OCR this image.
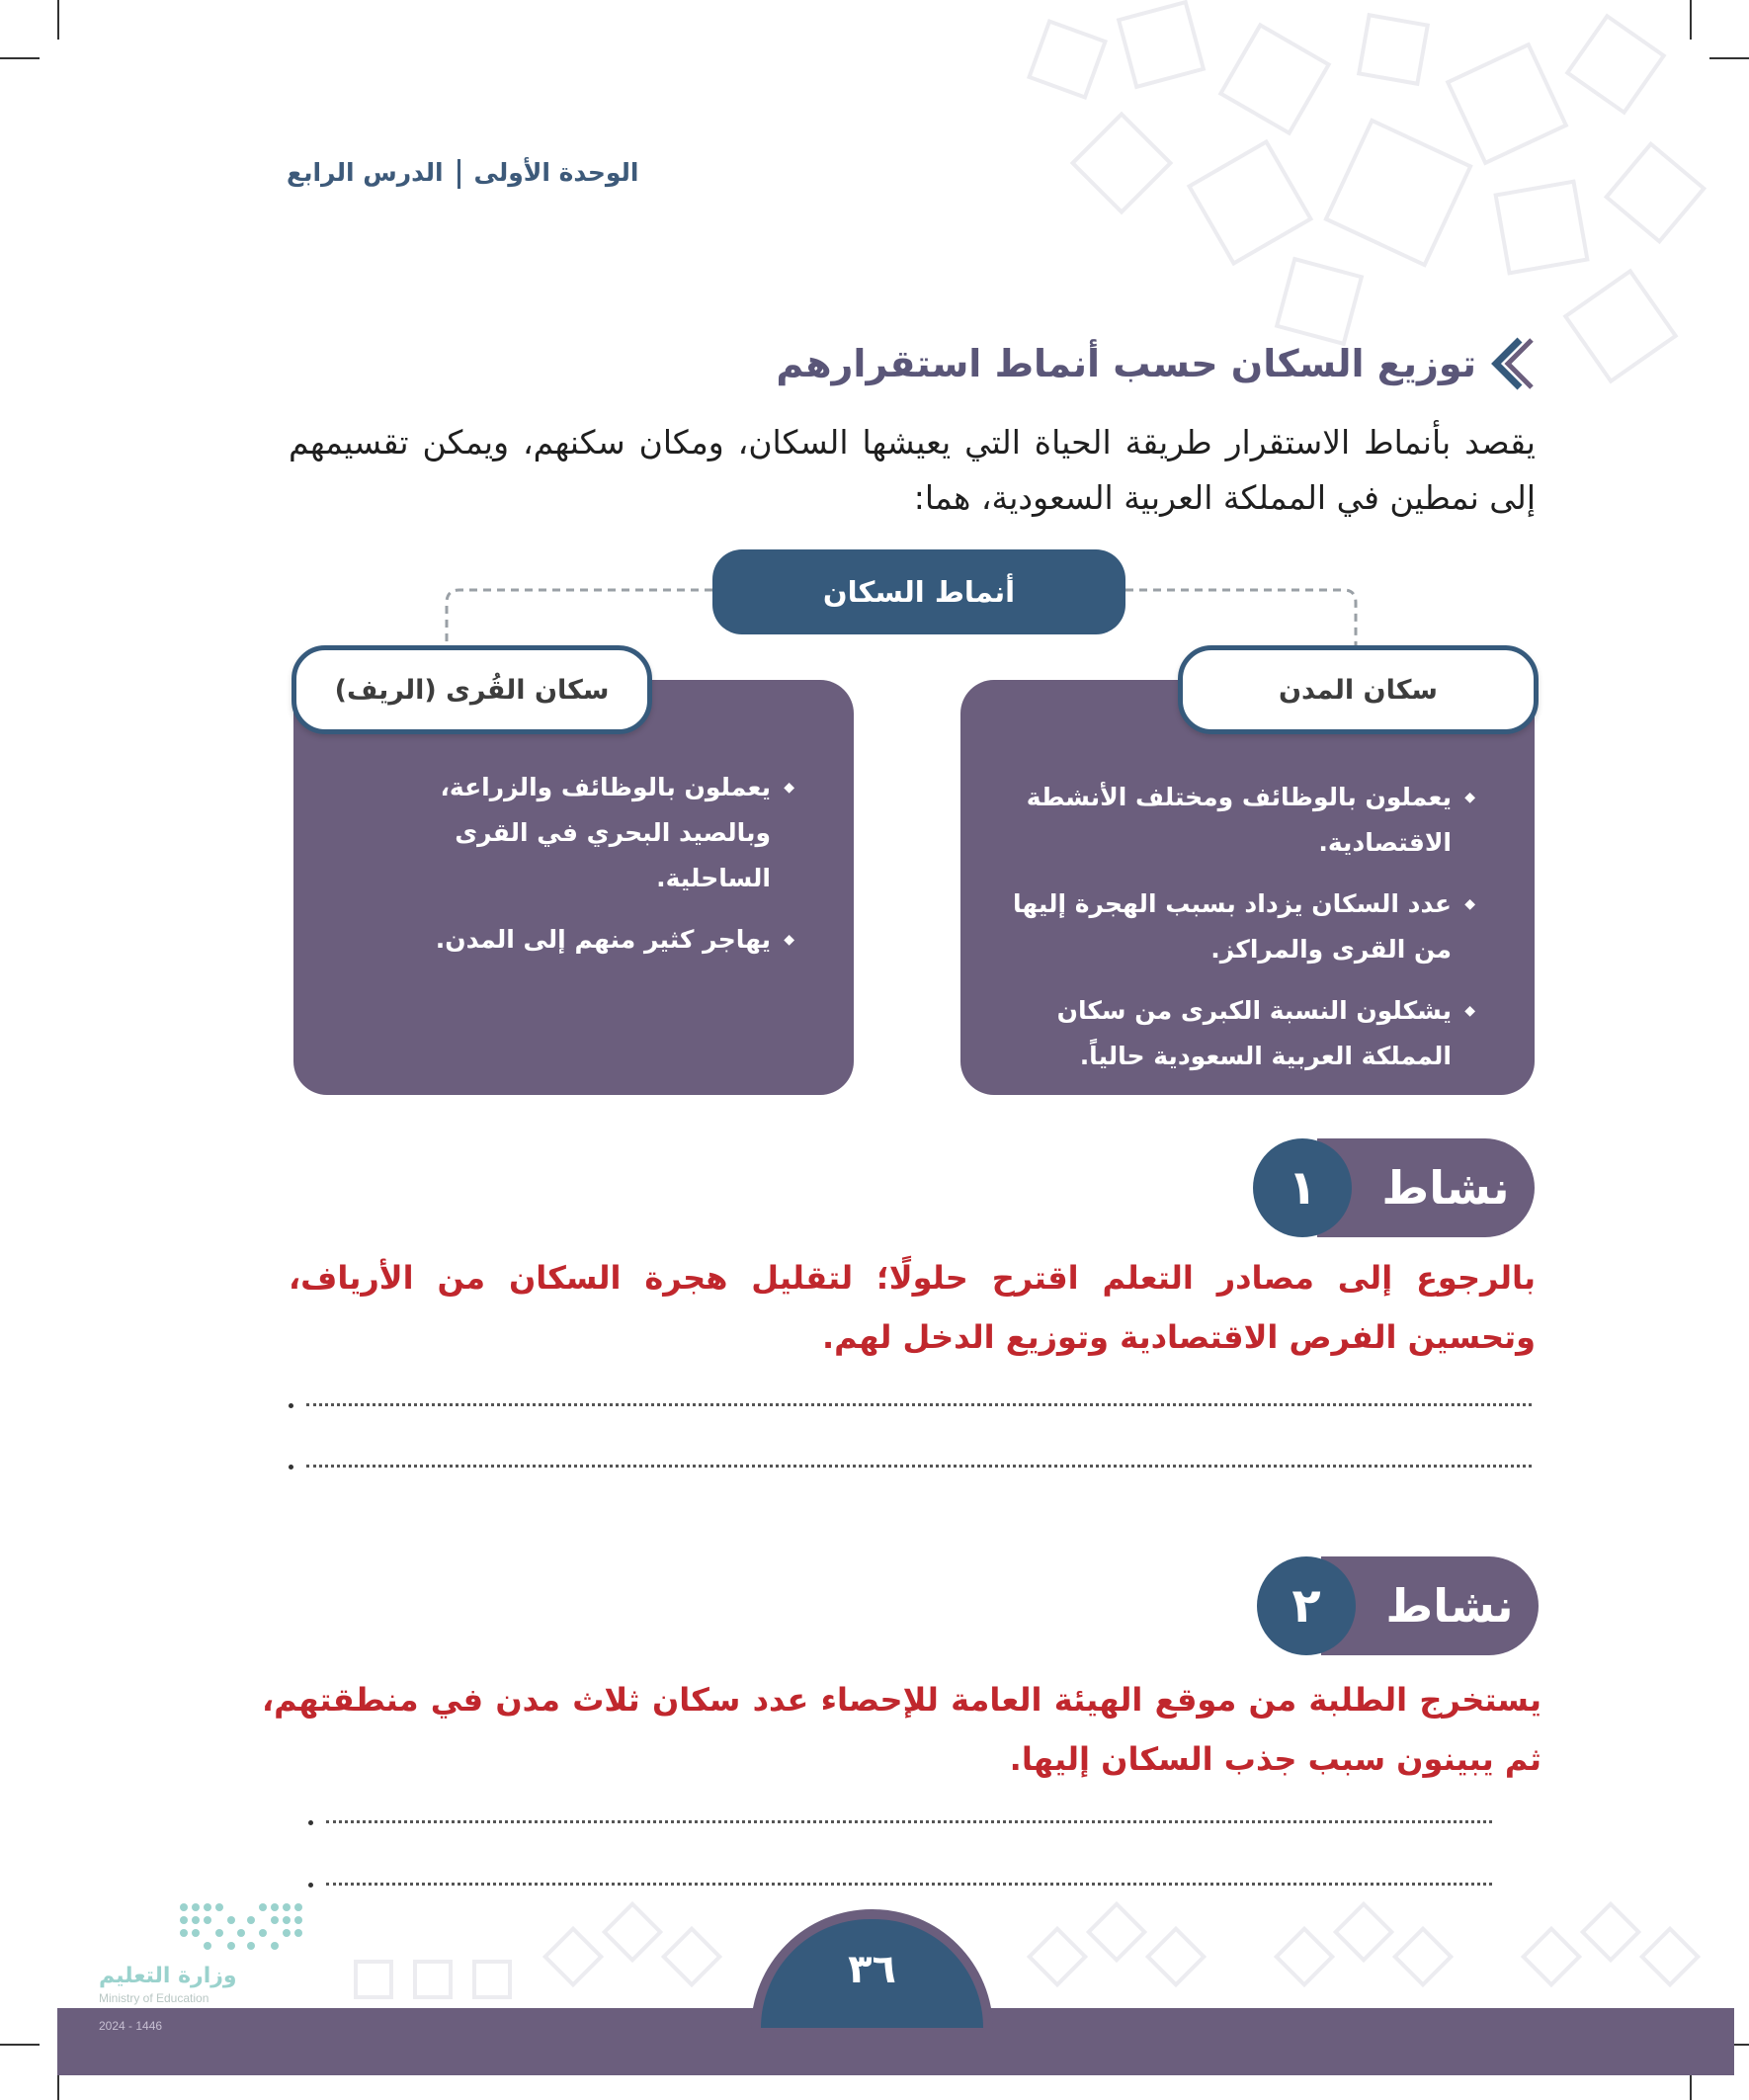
الوحدة الأولىالدرس الرابع
توزيع السكان حسب أنماط استقرارهم
يقصد بأنماط الاستقرار طريقة الحياة التي يعيشها السكان، ومكان سكنهم، ويمكن تقسيمهم إلى نمطين في المملكة العربية السعودية، هما:
أنماط السكان
◆ يعملون بالوظائف ومختلف الأنشطة الاقتصادية.
◆ عدد السكان يزداد بسبب الهجرة إليها من القرى والمراكز.
◆ يشكلون النسبة الكبرى من سكان المملكة العربية السعودية حالياً.
سكان المدن
◆ يعملون بالوظائف والزراعة، وبالصيد البحري في القرى الساحلية.
◆ يهاجر كثير منهم إلى المدن.
سكان القُرى (الريف)
نشاط
١
بالرجوع إلى مصادر التعلم اقترح حلولًا؛ لتقليل هجرة السكان من الأرياف، وتحسين الفرص الاقتصادية وتوزيع الدخل لهم.
نشاط
٢
يستخرج الطلبة من موقع الهيئة العامة للإحصاء عدد سكان ثلاث مدن في منطقتهم، ثم يبينون سبب جذب السكان إليها.
٣٦
وزارة التعليم
Ministry of Education
2024 - 1446
